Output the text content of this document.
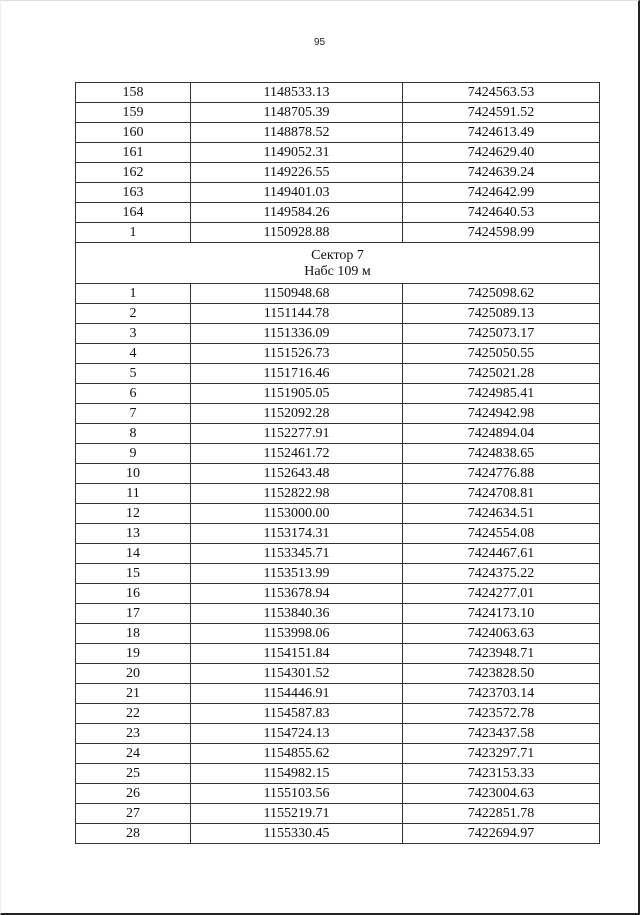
95
158	1148533.13	7424563.53
159	1148705.39	7424591.52
160	1148878.52	7424613.49
161	1149052.31	7424629.40
162	1149226.55	7424639.24
163	1149401.03	7424642.99
164	1149584.26	7424640.53
1	1150928.88	7424598.99

Сектор 7
Набс 109 м		

1	1150948.68	7425098.62
2	1151144.78	7425089.13
3	1151336.09	7425073.17
4	1151526.73	7425050.55
5	1151716.46	7425021.28
6	1151905.05	7424985.41
7	1152092.28	7424942.98
8	1152277.91	7424894.04
9	1152461.72	7424838.65
10	1152643.48	7424776.88
11	1152822.98	7424708.81
12	1153000.00	7424634.51
13	1153174.31	7424554.08
14	1153345.71	7424467.61
15	1153513.99	7424375.22
16	1153678.94	7424277.01
17	1153840.36	7424173.10
18	1153998.06	7424063.63
19	1154151.84	7423948.71
20	1154301.52	7423828.50
21	1154446.91	7423703.14
22	1154587.83	7423572.78
23	1154724.13	7423437.58
24	1154855.62	7423297.71
25	1154982.15	7423153.33
26	1155103.56	7423004.63
27	1155219.71	7422851.78
28	1155330.45	7422694.97
